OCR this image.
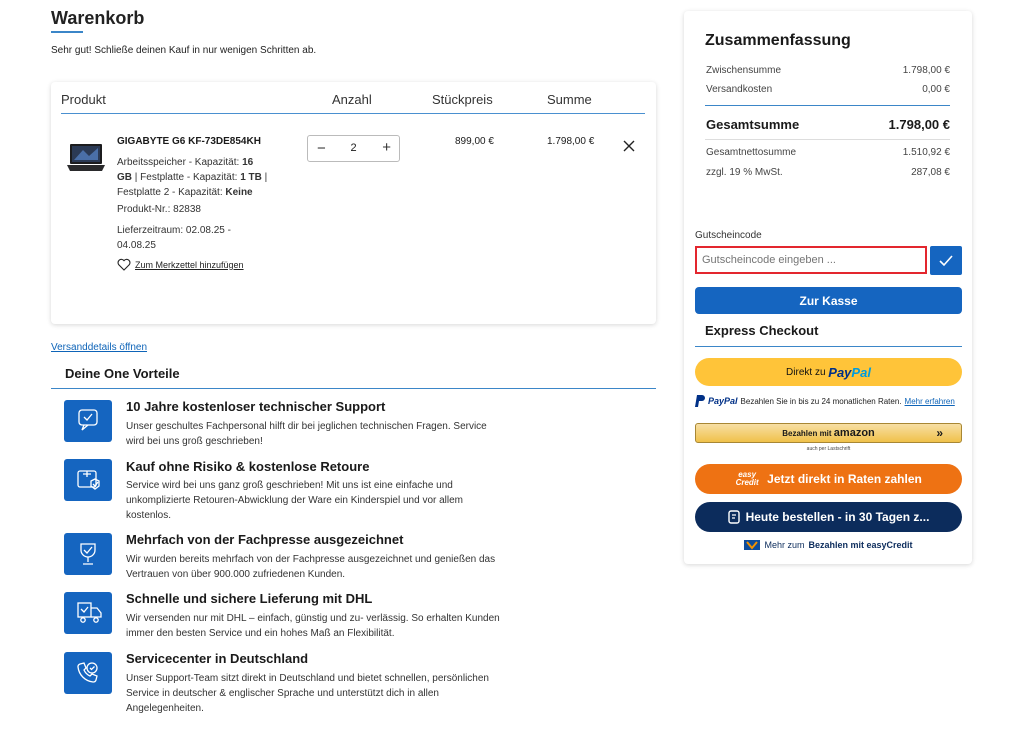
Warenkorb
Sehr gut! Schließe deinen Kauf in nur wenigen Schritten ab.
Produkt	Anzahl	Stückpreis	Summe
GIGABYTE G6 KF-73DE854KH
Arbeitsspeicher - Kapazität: 16
GB | Festplatte - Kapazität: 1 TB |
Festplatte 2 - Kapazität: Keine
Produkt-Nr.: 82838
Lieferzeitraum: 02.08.25 -
04.08.25
Zum Merkzettel hinzufügen
−	2	+	899,00 €	1.798,00 €
Versanddetails öffnen
Deine One Vorteile
10 Jahre kostenloser technischer Support
Unser geschultes Fachpersonal hilft dir bei jeglichen technischen Fragen. Service wird bei uns groß geschrieben!
Kauf ohne Risiko & kostenlose Retoure
Service wird bei uns ganz groß geschrieben! Mit uns ist eine einfache und unkomplizierte Retouren-Abwicklung der Ware ein Kinderspiel und vor allem kostenlos.
Mehrfach von der Fachpresse ausgezeichnet
Wir wurden bereits mehrfach von der Fachpresse ausgezeichnet und genießen das Vertrauen von über 900.000 zufriedenen Kunden.
Schnelle und sichere Lieferung mit DHL
Wir versenden nur mit DHL – einfach, günstig und zu- verlässig. So erhalten Kunden immer den besten Service und ein hohes Maß an Flexibilität.
Servicecenter in Deutschland
Unser Support-Team sitzt direkt in Deutschland und bietet schnellen, persönlichen Service in deutscher & englischer Sprache und unterstützt dich in allen Angelegenheiten.
Zusammenfassung
Zwischensumme	1.798,00 €
Versandkosten	0,00 €
Gesamtsumme	1.798,00 €
Gesamtnettosumme	1.510,92 €
zzgl. 19 % MwSt.	287,08 €
Gutscheincode
Gutscheincode eingeben ...
Zur Kasse
Express Checkout
Direkt zu
PayPal
PayPal Bezahlen Sie in bis zu 24 monatlichen Raten. Mehr erfahren
Bezahlen mit
amazon	»
auch per Lastschrift
easy Credit Jetzt direkt in Raten zahlen
Heute bestellen - in 30 Tagen z...
Mehr zum Bezahlen mit easyCredit
